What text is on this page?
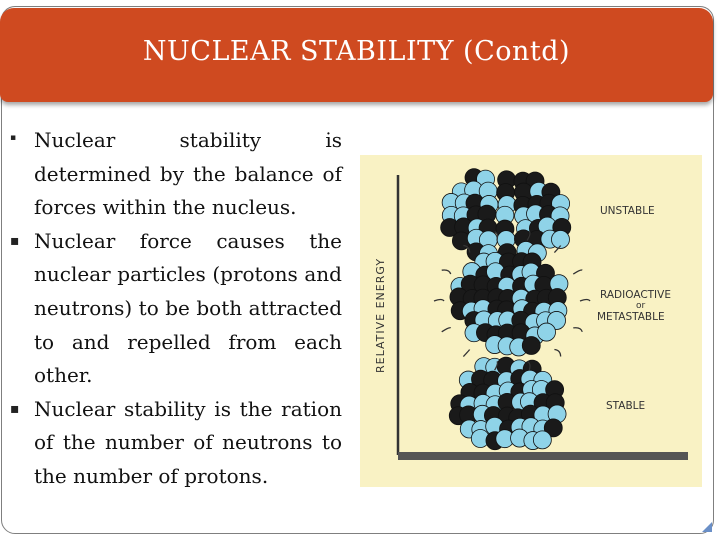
NUCLEAR STABILITY (Contd)
▪ Nuclear stability is determined by the balance of forces within the nucleus.
▪ Nuclear force causes the nuclear particles (protons and neutrons) to be both attracted to and repelled from each other.
▪ Nuclear stability is the ration of the number of neutrons to the number of protons.
RELATIVE ENERGY
UNSTABLE
RADIOACTIVE
or
METASTABLE
STABLE
